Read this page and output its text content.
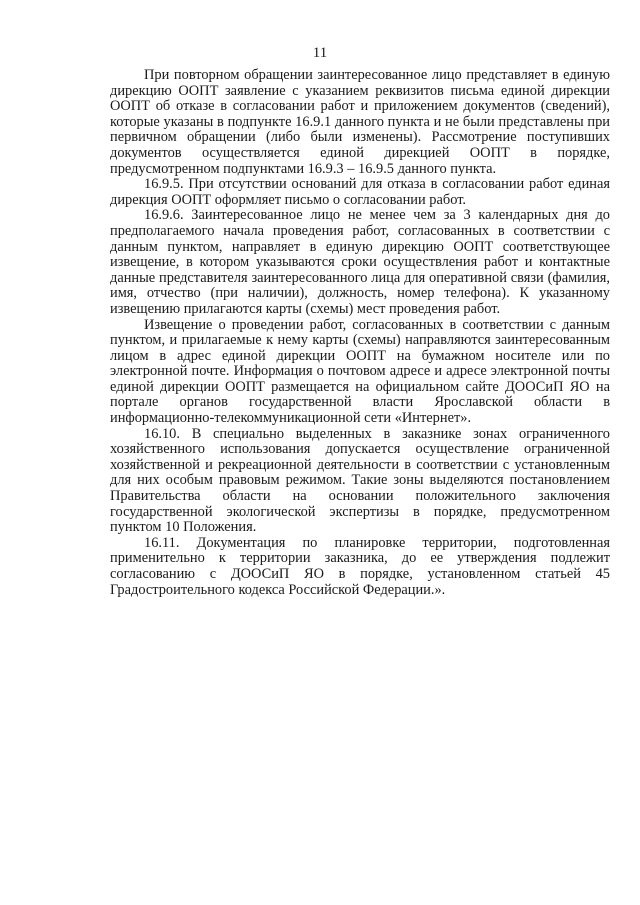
11

При повторном обращении заинтересованное лицо представляет в единую дирекцию ООПТ заявление с указанием реквизитов письма единой дирекции ООПТ об отказе в согласовании работ и приложением документов (сведений), которые указаны в подпункте 16.9.1 данного пункта и не были представлены при первичном обращении (либо были изменены). Рассмотрение поступивших документов осуществляется единой дирекцией ООПТ в порядке, предусмотренном подпунктами 16.9.3 – 16.9.5 данного пункта.

16.9.5. При отсутствии оснований для отказа в согласовании работ единая дирекция ООПТ оформляет письмо о согласовании работ.

16.9.6. Заинтересованное лицо не менее чем за 3 календарных дня до предполагаемого начала проведения работ, согласованных в соответствии с данным пунктом, направляет в единую дирекцию ООПТ соответствующее извещение, в котором указываются сроки осуществления работ и контактные данные представителя заинтересованного лица для оперативной связи (фамилия, имя, отчество (при наличии), должность, номер телефона). К указанному извещению прилагаются карты (схемы) мест проведения работ.

Извещение о проведении работ, согласованных в соответствии с данным пунктом, и прилагаемые к нему карты (схемы) направляются заинтересованным лицом в адрес единой дирекции ООПТ на бумажном носителе или по электронной почте. Информация о почтовом адресе и адресе электронной почты единой дирекции ООПТ размещается на официальном сайте ДООСиП ЯО на портале органов государственной власти Ярославской области в информационно-телекоммуникационной сети «Интернет».

16.10. В специально выделенных в заказнике зонах ограниченного хозяйственного использования допускается осуществление ограниченной хозяйственной и рекреационной деятельности в соответствии с установленным для них особым правовым режимом. Такие зоны выделяются постановлением Правительства области на основании положительного заключения государственной экологической экспертизы в порядке, предусмотренном пунктом 10 Положения.

16.11. Документация по планировке территории, подготовленная применительно к территории заказника, до ее утверждения подлежит согласованию с ДООСиП ЯО в порядке, установленном статьей 45 Градостроительного кодекса Российской Федерации.».
